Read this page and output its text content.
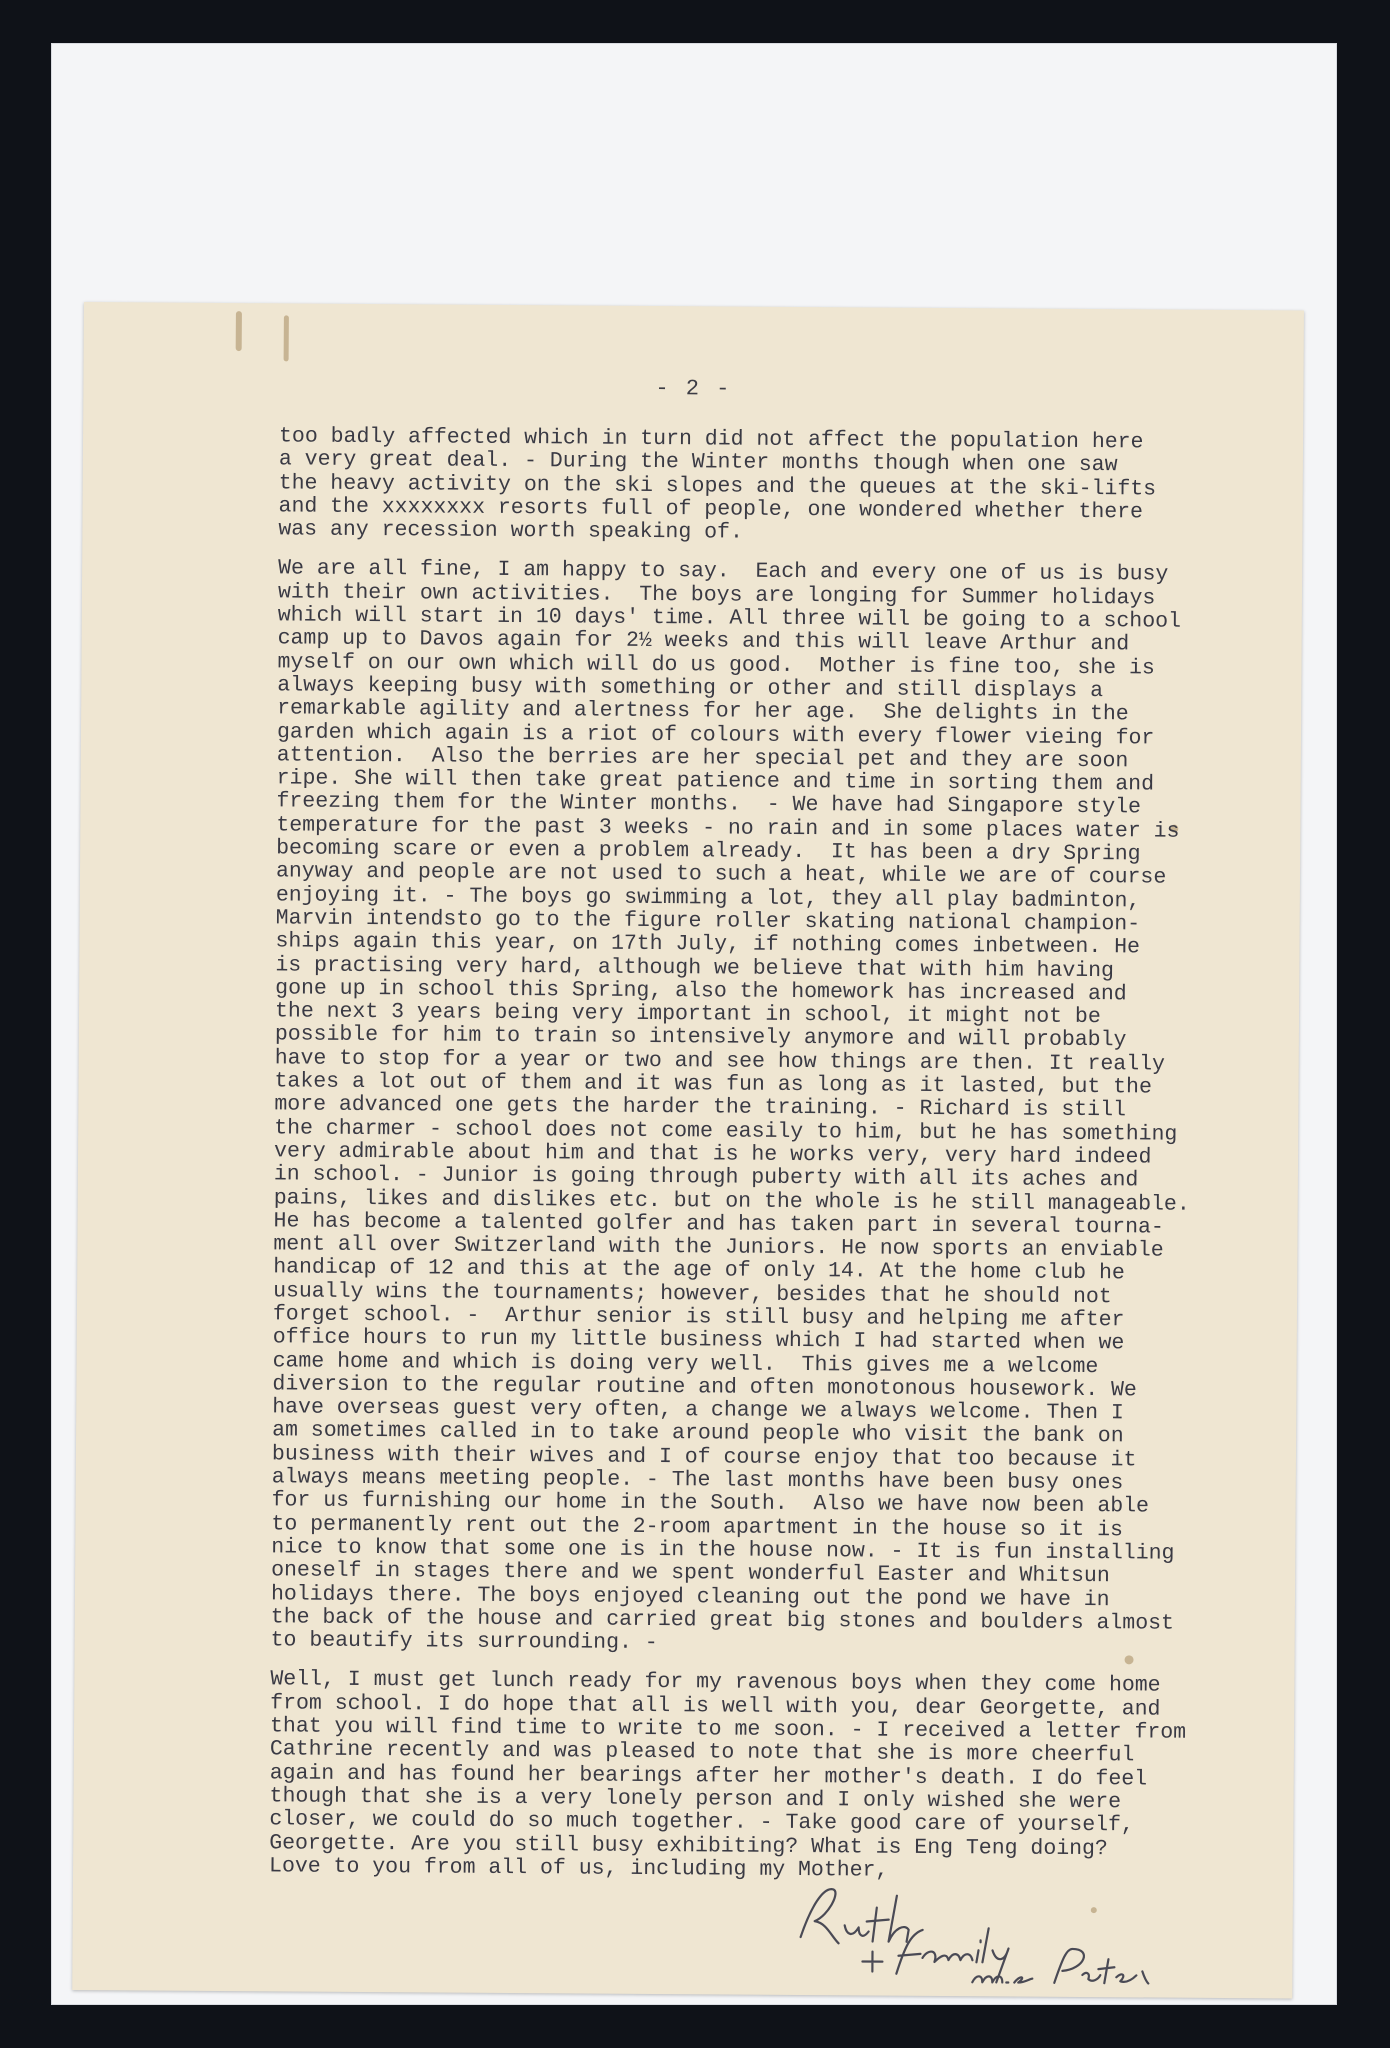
- 2 -
too badly affected which in turn did not affect the population here
a very great deal. - During the Winter months though when one saw
the heavy activity on the ski slopes and the queues at the ski-lifts
and the xxxxxxxx resorts full of people, one wondered whether there
was any recession worth speaking of.
We are all fine, I am happy to say.  Each and every one of us is busy
with their own activities.  The boys are longing for Summer holidays
which will start in 10 days' time. All three will be going to a school
camp up to Davos again for 2½ weeks and this will leave Arthur and
myself on our own which will do us good.  Mother is fine too, she is
always keeping busy with something or other and still displays a
remarkable agility and alertness for her age.  She delights in the
garden which again is a riot of colours with every flower vieing for
attention.  Also the berries are her special pet and they are soon
ripe. She will then take great patience and time in sorting them and
freezing them for the Winter months.  - We have had Singapore style
temperature for the past 3 weeks - no rain and in some places water is
becoming scare or even a problem already.  It has been a dry Spring
anyway and people are not used to such a heat, while we are of course
enjoying it. - The boys go swimming a lot, they all play badminton,
Marvin intendsto go to the figure roller skating national champion-
ships again this year, on 17th July, if nothing comes inbetween. He
is practising very hard, although we believe that with him having
gone up in school this Spring, also the homework has increased and
the next 3 years being very important in school, it might not be
possible for him to train so intensively anymore and will probably
have to stop for a year or two and see how things are then. It really
takes a lot out of them and it was fun as long as it lasted, but the
more advanced one gets the harder the training. - Richard is still
the charmer - school does not come easily to him, but he has something
very admirable about him and that is he works very, very hard indeed
in school. - Junior is going through puberty with all its aches and
pains, likes and dislikes etc. but on the whole is he still manageable.
He has become a talented golfer and has taken part in several tourna-
ment all over Switzerland with the Juniors. He now sports an enviable
handicap of 12 and this at the age of only 14. At the home club he
usually wins the tournaments; however, besides that he should not
forget school. -  Arthur senior is still busy and helping me after
office hours to run my little business which I had started when we
came home and which is doing very well.  This gives me a welcome
diversion to the regular routine and often monotonous housework. We
have overseas guest very often, a change we always welcome. Then I
am sometimes called in to take around people who visit the bank on
business with their wives and I of course enjoy that too because it
always means meeting people. - The last months have been busy ones
for us furnishing our home in the South.  Also we have now been able
to permanently rent out the 2-room apartment in the house so it is
nice to know that some one is in the house now. - It is fun installing
oneself in stages there and we spent wonderful Easter and Whitsun
holidays there. The boys enjoyed cleaning out the pond we have in
the back of the house and carried great big stones and boulders almost
to beautify its surrounding. -
Well, I must get lunch ready for my ravenous boys when they come home
from school. I do hope that all is well with you, dear Georgette, and
that you will find time to write to me soon. - I received a letter from
Cathrine recently and was pleased to note that she is more cheerful
again and has found her bearings after her mother's death. I do feel
though that she is a very lonely person and I only wished she were
closer, we could do so much together. - Take good care of yourself,
Georgette. Are you still busy exhibiting? What is Eng Teng doing?
Love to you from all of us, including my Mother,
